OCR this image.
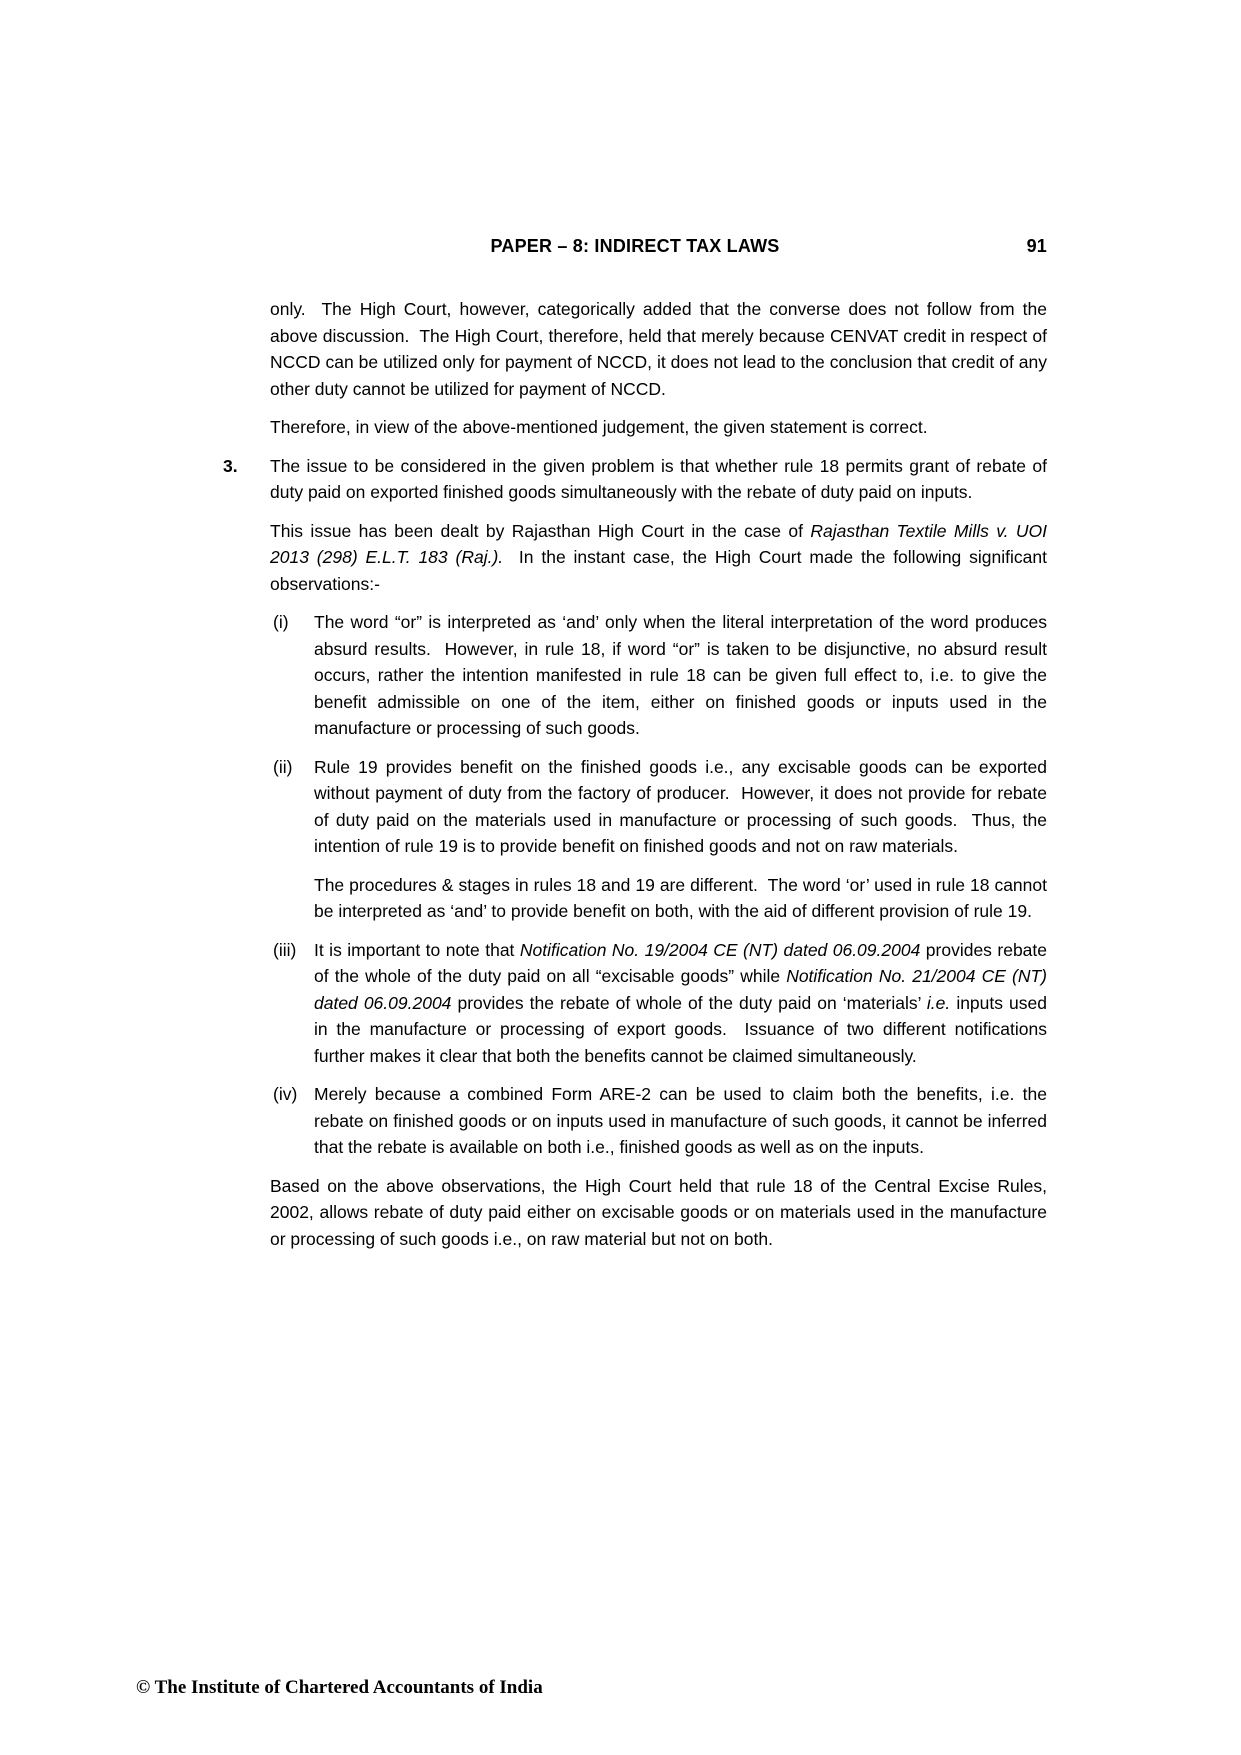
PAPER – 8: INDIRECT TAX LAWS	91

only.  The High Court, however, categorically added that the converse does not follow from the above discussion.  The High Court, therefore, held that merely because CENVAT credit in respect of NCCD can be utilized only for payment of NCCD, it does not lead to the conclusion that credit of any other duty cannot be utilized for payment of NCCD.

Therefore, in view of the above-mentioned judgement, the given statement is correct.

3. The issue to be considered in the given problem is that whether rule 18 permits grant of rebate of duty paid on exported finished goods simultaneously with the rebate of duty paid on inputs.

This issue has been dealt by Rajasthan High Court in the case of Rajasthan Textile Mills v. UOI 2013 (298) E.L.T. 183 (Raj.).  In the instant case, the High Court made the following significant observations:-

(i) The word “or” is interpreted as ‘and’ only when the literal interpretation of the word produces absurd results.  However, in rule 18, if word “or” is taken to be disjunctive, no absurd result occurs, rather the intention manifested in rule 18 can be given full effect to, i.e. to give the benefit admissible on one of the item, either on finished goods or inputs used in the manufacture or processing of such goods.

(ii) Rule 19 provides benefit on the finished goods i.e., any excisable goods can be exported without payment of duty from the factory of producer.  However, it does not provide for rebate of duty paid on the materials used in manufacture or processing of such goods.  Thus, the intention of rule 19 is to provide benefit on finished goods and not on raw materials.

The procedures & stages in rules 18 and 19 are different.  The word ‘or’ used in rule 18 cannot be interpreted as ‘and’ to provide benefit on both, with the aid of different provision of rule 19.

(iii) It is important to note that Notification No. 19/2004 CE (NT) dated 06.09.2004 provides rebate of the whole of the duty paid on all “excisable goods” while Notification No. 21/2004 CE (NT) dated 06.09.2004 provides the rebate of whole of the duty paid on ‘materials’ i.e. inputs used in the manufacture or processing of export goods.  Issuance of two different notifications further makes it clear that both the benefits cannot be claimed simultaneously.

(iv) Merely because a combined Form ARE-2 can be used to claim both the benefits, i.e. the rebate on finished goods or on inputs used in manufacture of such goods, it cannot be inferred that the rebate is available on both i.e., finished goods as well as on the inputs.

Based on the above observations, the High Court held that rule 18 of the Central Excise Rules, 2002, allows rebate of duty paid either on excisable goods or on materials used in the manufacture or processing of such goods i.e., on raw material but not on both.

© The Institute of Chartered Accountants of India
